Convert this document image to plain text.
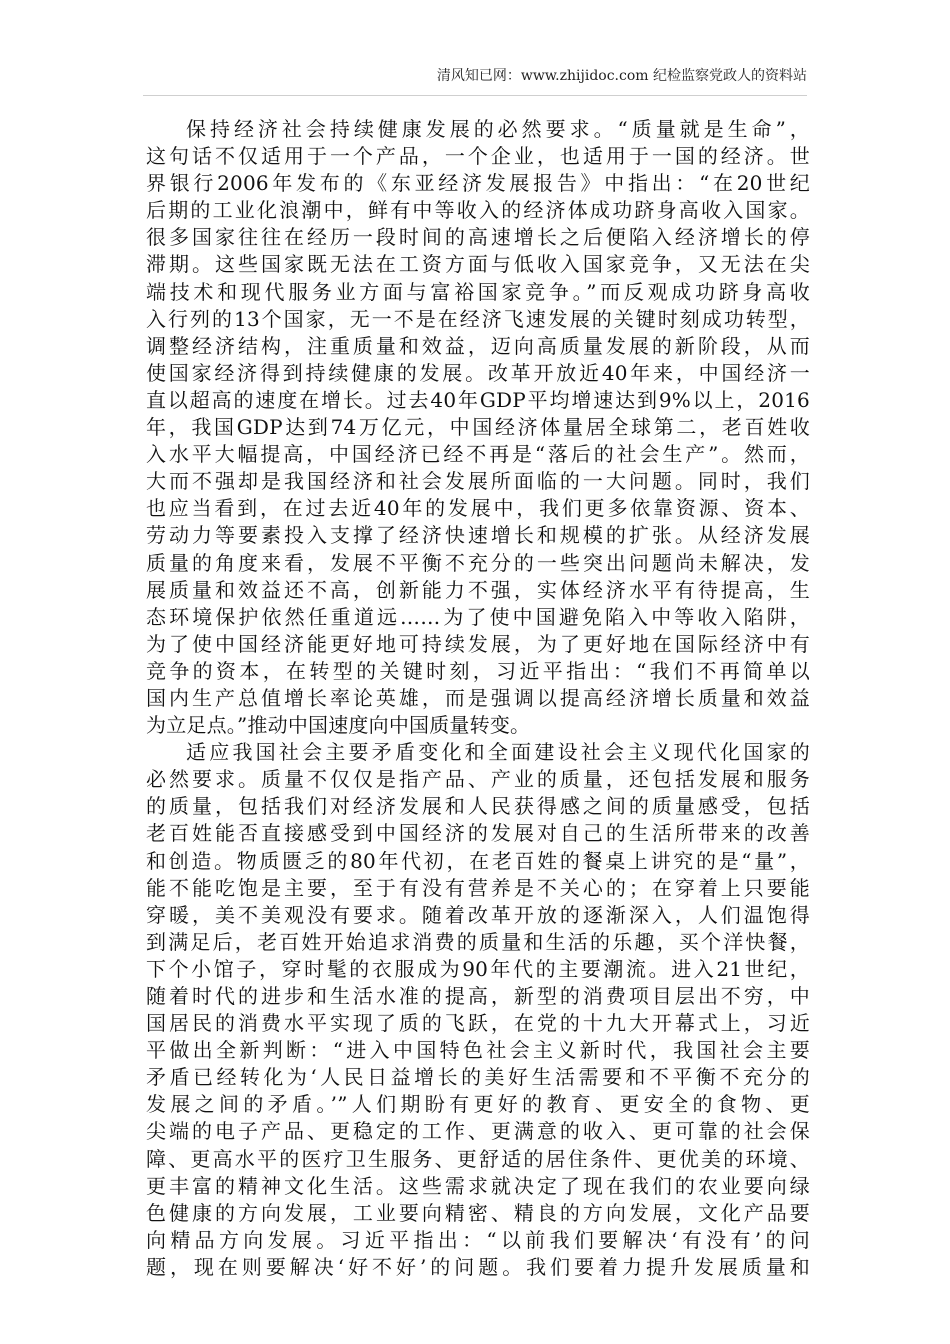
清风知已网：www.zhijidoc.com 纪检监察党政人的资料站
保持经济社会持续健康发展的必然要求。“质量就是生命”，
这句话不仅适用于一个产品，一个企业，也适用于一国的经济。世
界银行2006年发布的《东亚经济发展报告》中指出：“在20世纪
后期的工业化浪潮中，鲜有中等收入的经济体成功跻身高收入国家。
很多国家往往在经历一段时间的高速增长之后便陷入经济增长的停
滞期。这些国家既无法在工资方面与低收入国家竞争，又无法在尖
端技术和现代服务业方面与富裕国家竞争。”而反观成功跻身高收
入行列的13个国家，无一不是在经济飞速发展的关键时刻成功转型，
调整经济结构，注重质量和效益，迈向高质量发展的新阶段，从而
使国家经济得到持续健康的发展。改革开放近40年来，中国经济一
直以超高的速度在增长。过去40年GDP平均增速达到9%以上，2016
年，我国GDP达到74万亿元，中国经济体量居全球第二，老百姓收
入水平大幅提高，中国经济已经不再是“落后的社会生产”。然而，
大而不强却是我国经济和社会发展所面临的一大问题。同时，我们
也应当看到，在过去近40年的发展中，我们更多依靠资源、资本、
劳动力等要素投入支撑了经济快速增长和规模的扩张。从经济发展
质量的角度来看，发展不平衡不充分的一些突出问题尚未解决，发
展质量和效益还不高，创新能力不强，实体经济水平有待提高，生
态环境保护依然任重道远……为了使中国避免陷入中等收入陷阱，
为了使中国经济能更好地可持续发展，为了更好地在国际经济中有
竞争的资本，在转型的关键时刻，习近平指出：“我们不再简单以
国内生产总值增长率论英雄，而是强调以提高经济增长质量和效益
为立足点。”推动中国速度向中国质量转变。
适应我国社会主要矛盾变化和全面建设社会主义现代化国家的
必然要求。质量不仅仅是指产品、产业的质量，还包括发展和服务
的质量，包括我们对经济发展和人民获得感之间的质量感受，包括
老百姓能否直接感受到中国经济的发展对自己的生活所带来的改善
和创造。物质匮乏的80年代初，在老百姓的餐桌上讲究的是“量”，
能不能吃饱是主要，至于有没有营养是不关心的；在穿着上只要能
穿暖，美不美观没有要求。随着改革开放的逐渐深入，人们温饱得
到满足后，老百姓开始追求消费的质量和生活的乐趣，买个洋快餐，
下个小馆子，穿时髦的衣服成为90年代的主要潮流。进入21世纪，
随着时代的进步和生活水准的提高，新型的消费项目层出不穷，中
国居民的消费水平实现了质的飞跃，在党的十九大开幕式上，习近
平做出全新判断：“进入中国特色社会主义新时代，我国社会主要
矛盾已经转化为‘人民日益增长的美好生活需要和不平衡不充分的
发展之间的矛盾。’”人们期盼有更好的教育、更安全的食物、更
尖端的电子产品、更稳定的工作、更满意的收入、更可靠的社会保
障、更高水平的医疗卫生服务、更舒适的居住条件、更优美的环境、
更丰富的精神文化生活。这些需求就决定了现在我们的农业要向绿
色健康的方向发展，工业要向精密、精良的方向发展，文化产品要
向精品方向发展。习近平指出：“以前我们要解决‘有没有’的问
题，现在则要解决‘好不好’的问题。我们要着力提升发展质量和
